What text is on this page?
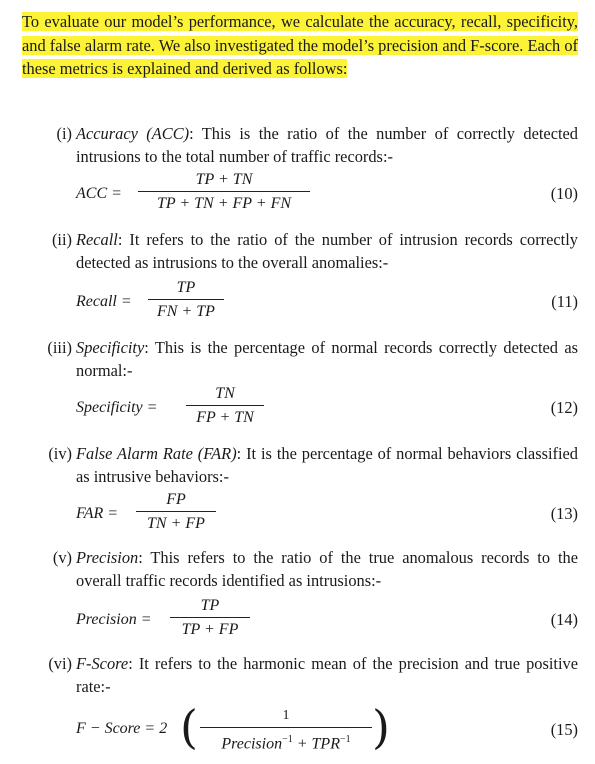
To evaluate our model’s performance, we calculate the accuracy, recall, specificity, and false alarm rate. We also investigated the model’s precision and F-score. Each of these metrics is explained and derived as follows:
(i) Accuracy (ACC): This is the ratio of the number of correctly detected intrusions to the total number of traffic records:-
ACC =
TP + TN
TP + TN + FP + FN
(10)
(ii) Recall: It refers to the ratio of the number of intrusion records correctly detected as intrusions to the overall anomalies:-
Recall =
TP
FN + TP
(11)
(iii) Specificity: This is the percentage of normal records correctly detected as normal:-
Specificity =
TN
FP + TN
(12)
(iv) False Alarm Rate (FAR): It is the percentage of normal behaviors classified as intrusive behaviors:-
FAR =
FP
TN + FP
(13)
(v) Precision: This refers to the ratio of the true anomalous records to the overall traffic records identified as intrusions:-
Precision =
TP
TP + FP
(14)
(vi) F-Score: It refers to the harmonic mean of the precision and true positive rate:-
F − Score = 2 (	1
Precision$^{-1}$ + $TPR^{-1}$ )	(15)
